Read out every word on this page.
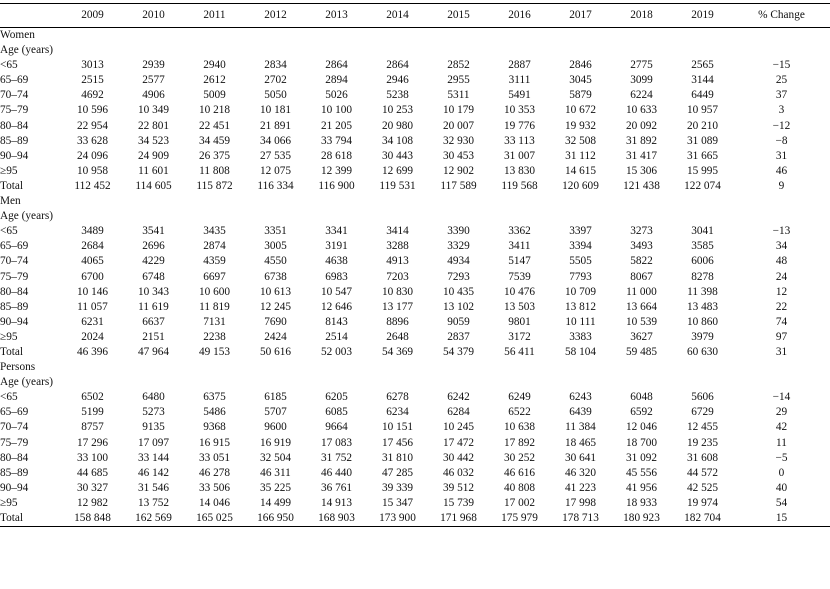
	2009	2010	2011	2012	2013	2014	2015	2016	2017	2018	2019	% Change
Women												
Age (years)												
<65	3013	2939	2940	2834	2864	2864	2852	2887	2846	2775	2565	−15
65–69	2515	2577	2612	2702	2894	2946	2955	3111	3045	3099	3144	25
70–74	4692	4906	5009	5050	5026	5238	5311	5491	5879	6224	6449	37
75–79	10 596	10 349	10 218	10 181	10 100	10 253	10 179	10 353	10 672	10 633	10 957	3
80–84	22 954	22 801	22 451	21 891	21 205	20 980	20 007	19 776	19 932	20 092	20 210	−12
85–89	33 628	34 523	34 459	34 066	33 794	34 108	32 930	33 113	32 508	31 892	31 089	−8
90–94	24 096	24 909	26 375	27 535	28 618	30 443	30 453	31 007	31 112	31 417	31 665	31
≥95	10 958	11 601	11 808	12 075	12 399	12 699	12 902	13 830	14 615	15 306	15 995	46
Total	112 452	114 605	115 872	116 334	116 900	119 531	117 589	119 568	120 609	121 438	122 074	9
Men												
Age (years)												
<65	3489	3541	3435	3351	3341	3414	3390	3362	3397	3273	3041	−13
65–69	2684	2696	2874	3005	3191	3288	3329	3411	3394	3493	3585	34
70–74	4065	4229	4359	4550	4638	4913	4934	5147	5505	5822	6006	48
75–79	6700	6748	6697	6738	6983	7203	7293	7539	7793	8067	8278	24
80–84	10 146	10 343	10 600	10 613	10 547	10 830	10 435	10 476	10 709	11 000	11 398	12
85–89	11 057	11 619	11 819	12 245	12 646	13 177	13 102	13 503	13 812	13 664	13 483	22
90–94	6231	6637	7131	7690	8143	8896	9059	9801	10 111	10 539	10 860	74
≥95	2024	2151	2238	2424	2514	2648	2837	3172	3383	3627	3979	97
Total	46 396	47 964	49 153	50 616	52 003	54 369	54 379	56 411	58 104	59 485	60 630	31
Persons												
Age (years)												
<65	6502	6480	6375	6185	6205	6278	6242	6249	6243	6048	5606	−14
65–69	5199	5273	5486	5707	6085	6234	6284	6522	6439	6592	6729	29
70–74	8757	9135	9368	9600	9664	10 151	10 245	10 638	11 384	12 046	12 455	42
75–79	17 296	17 097	16 915	16 919	17 083	17 456	17 472	17 892	18 465	18 700	19 235	11
80–84	33 100	33 144	33 051	32 504	31 752	31 810	30 442	30 252	30 641	31 092	31 608	−5
85–89	44 685	46 142	46 278	46 311	46 440	47 285	46 032	46 616	46 320	45 556	44 572	0
90–94	30 327	31 546	33 506	35 225	36 761	39 339	39 512	40 808	41 223	41 956	42 525	40
≥95	12 982	13 752	14 046	14 499	14 913	15 347	15 739	17 002	17 998	18 933	19 974	54
Total	158 848	162 569	165 025	166 950	168 903	173 900	171 968	175 979	178 713	180 923	182 704	15
